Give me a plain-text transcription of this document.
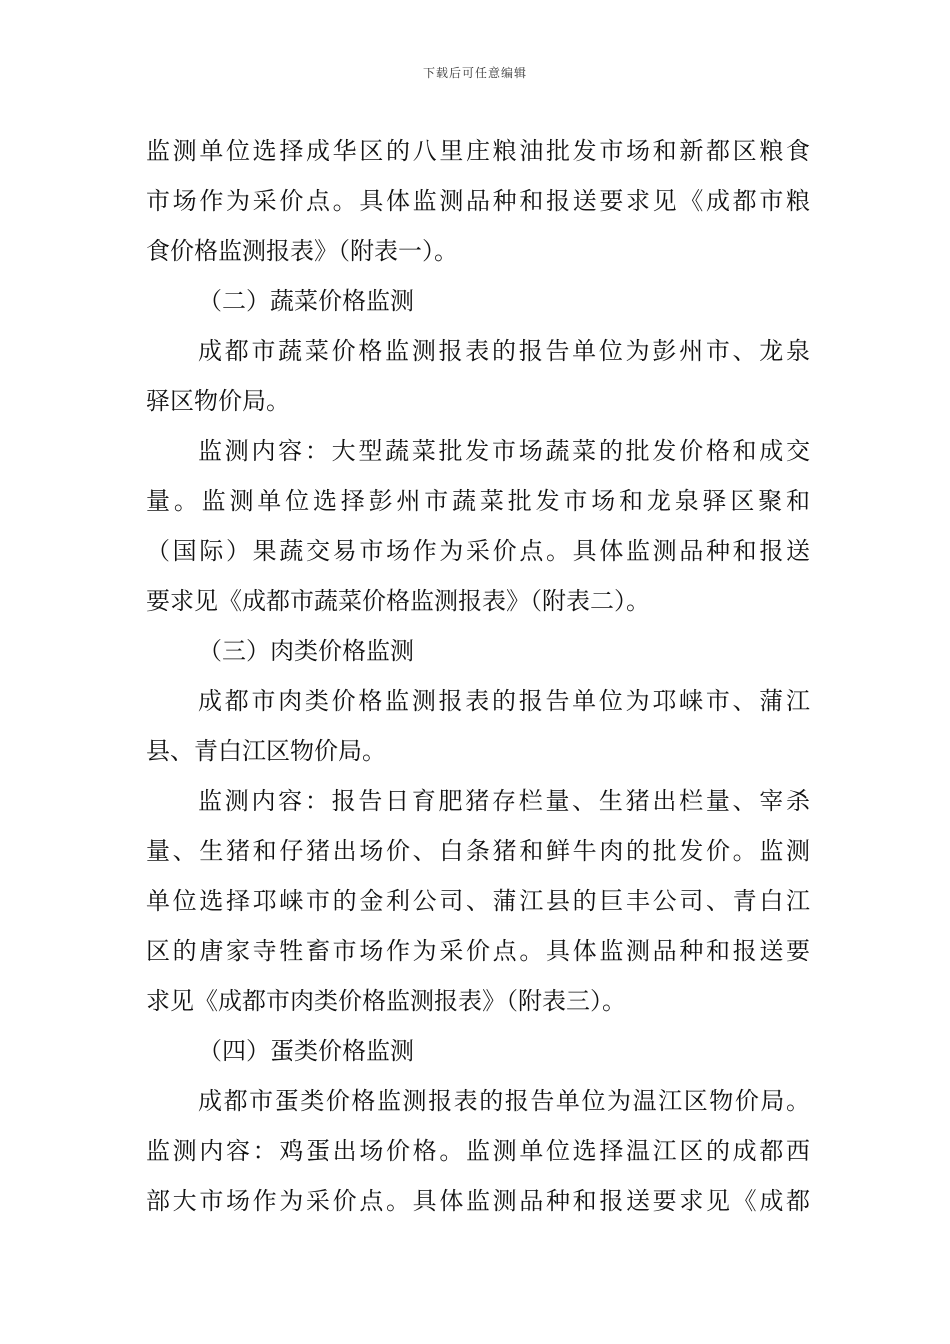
下载后可任意编辑
监测单位选择成华区的八里庄粮油批发市场和新都区粮食
市场作为采价点。具体监测品种和报送要求见《成都市粮
食价格监测报表》（附表一）。
（二）蔬菜价格监测
成都市蔬菜价格监测报表的报告单位为彭州市、龙泉
驿区物价局。
监测内容：大型蔬菜批发市场蔬菜的批发价格和成交
量。监测单位选择彭州市蔬菜批发市场和龙泉驿区聚和
（国际）果蔬交易市场作为采价点。具体监测品种和报送
要求见《成都市蔬菜价格监测报表》（附表二）。
（三）肉类价格监测
成都市肉类价格监测报表的报告单位为邛崃市、蒲江
县、青白江区物价局。
监测内容：报告日育肥猪存栏量、生猪出栏量、宰杀
量、生猪和仔猪出场价、白条猪和鲜牛肉的批发价。监测
单位选择邛崃市的金利公司、蒲江县的巨丰公司、青白江
区的唐家寺牲畜市场作为采价点。具体监测品种和报送要
求见《成都市肉类价格监测报表》（附表三）。
（四）蛋类价格监测
成都市蛋类价格监测报表的报告单位为温江区物价局。
监测内容：鸡蛋出场价格。监测单位选择温江区的成都西
部大市场作为采价点。具体监测品种和报送要求见《成都
